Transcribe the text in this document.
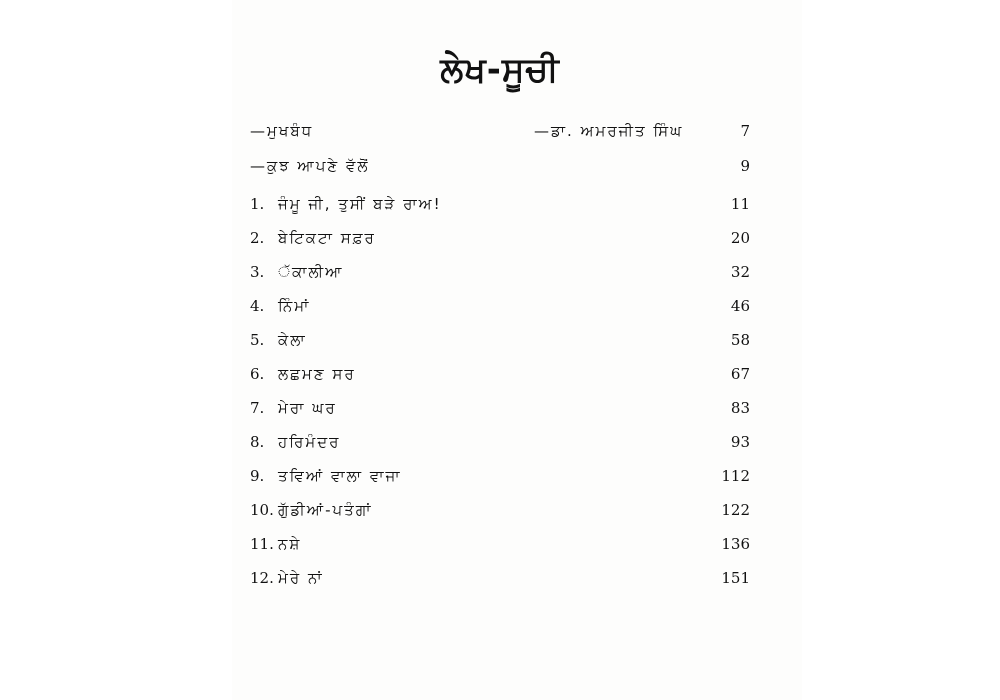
ਲੇਖ-ਸੂਚੀ
—ਮੁਖਬੰਧ	—ਡਾ. ਅਮਰਜੀਤ ਸਿੰਘ	7
—ਕੁਝ ਆਪਣੇ ਵੱਲੋਂ	9
1. ਜੰਮੂ ਜੀ, ਤੁਸੀਂ ਬੜੇ ਰਾਅ!	11
2. ਬੇਟਿਕਟਾ ਸਫ਼ਰ	20
3. ੱਕਾਲੀਆ	32
4. ਨਿੰਮਾਂ	46
5. ਕੇਲਾ	58
6. ਲਛਮਣ ਸਰ	67
7. ਮੇਰਾ ਘਰ	83
8. ਹਰਿਮੰਦਰ	93
9. ਤਵਿਆਂ ਵਾਲਾ ਵਾਜਾ	112
10. ਗੁੱਡੀਆਂ-ਪਤੰਗਾਂ	122
11. ਨਸ਼ੇ	136
12. ਮੇਰੇ ਨਾਂ	151
